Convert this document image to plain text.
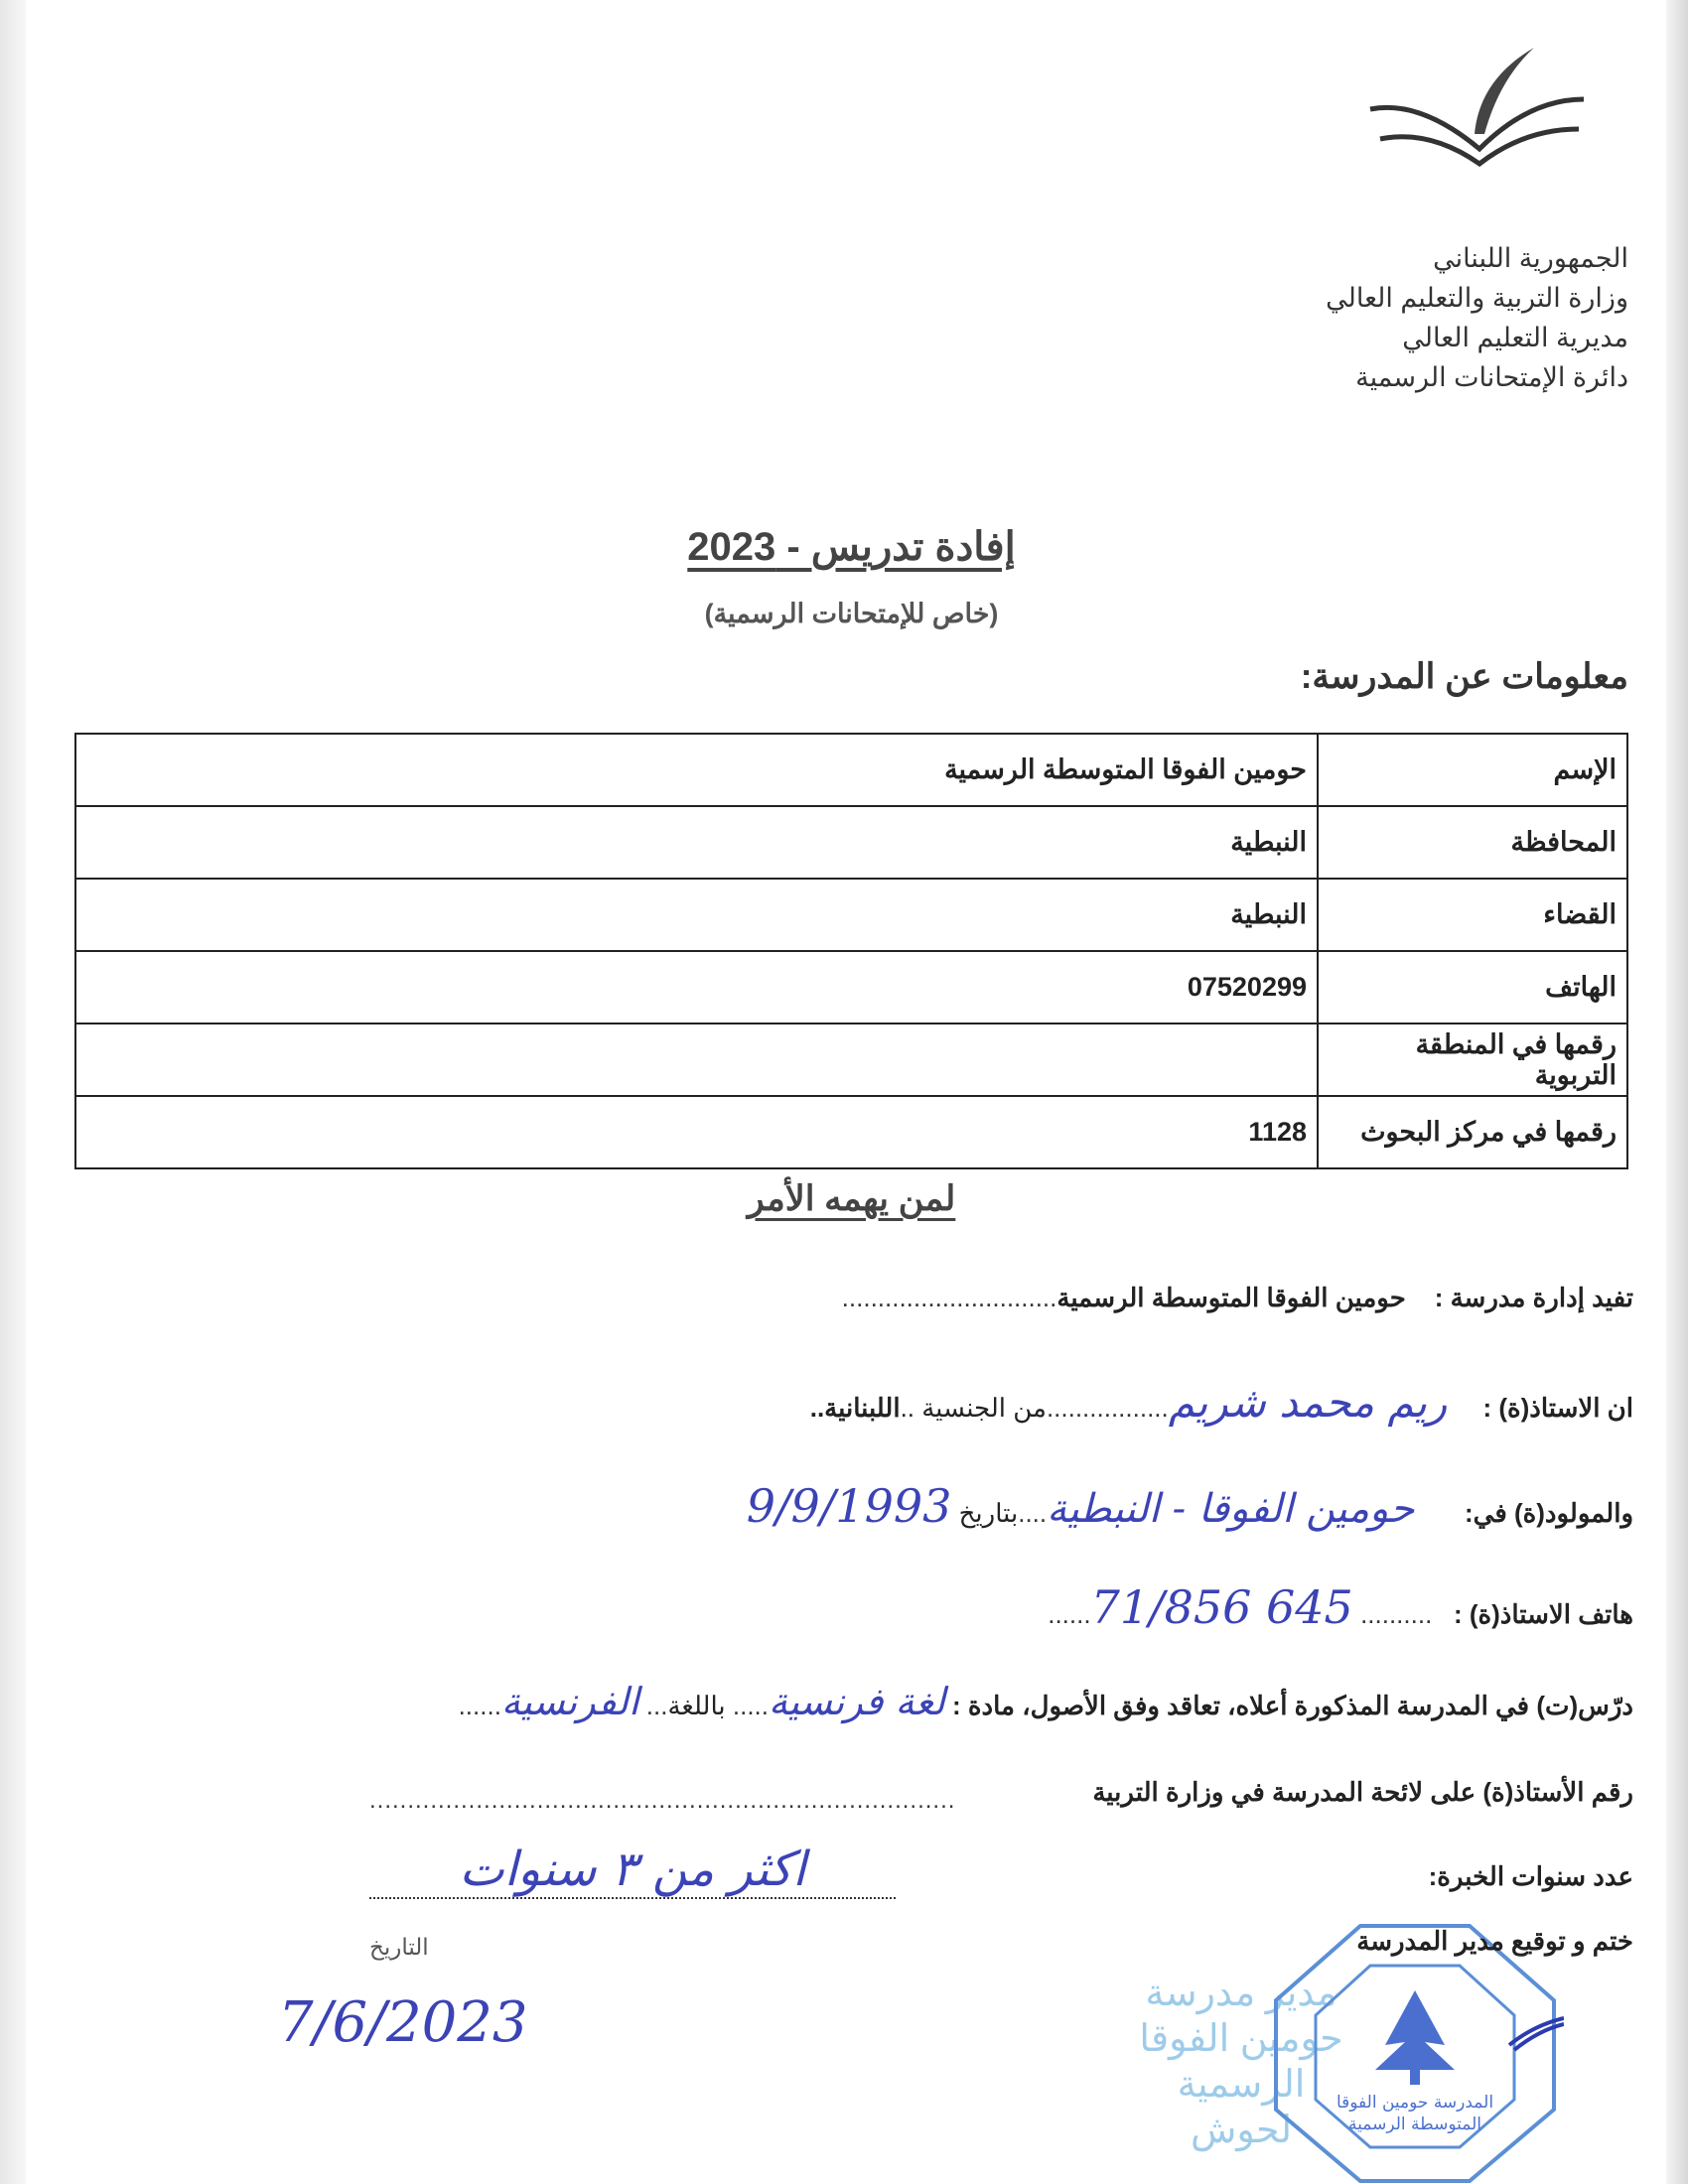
الجمهورية اللبناني
وزارة التربية والتعليم العالي
مديرية التعليم العالي
دائرة الإمتحانات الرسمية
إفادة تدريس - 2023
(خاص للإمتحانات الرسمية)
معلومات عن المدرسة:
الإسم	حومين الفوقا المتوسطة الرسمية
المحافظة	النبطية
القضاء	النبطية
الهاتف	07520299
رقمها في المنطقة التربوية	
رقمها في مركز البحوث	1128
لمن يهمه الأمر
تفيد إدارة مدرسة :    حومين الفوقا المتوسطة الرسمية..............................
ان الاستاذ(ة) :     ريم محمد شريم.................من الجنسية ..اللبنانية..
والمولود(ة) في:       حومين الفوقا - النبطية....بتاريخ 9/9/1993
هاتف الاستاذ(ة) :   .......... 71/856 645......
درّس(ت) في المدرسة المذكورة أعلاه، تعاقد وفق الأصول، مادة : لغة فرنسية..... باللغة... الفرنسية......
رقم الأستاذ(ة) على لائحة المدرسة في وزارة التربية
.............................................................................
عدد سنوات الخبرة:
اكثر من ٣ سنوات
مدير مدرسة
حومين الفوقا الرسمية
لحوش
المدرسة حومين الفوقا
المتوسطة الرسمية
ختم و توقيع مدير المدرسة
التاريخ
7/6/2023
